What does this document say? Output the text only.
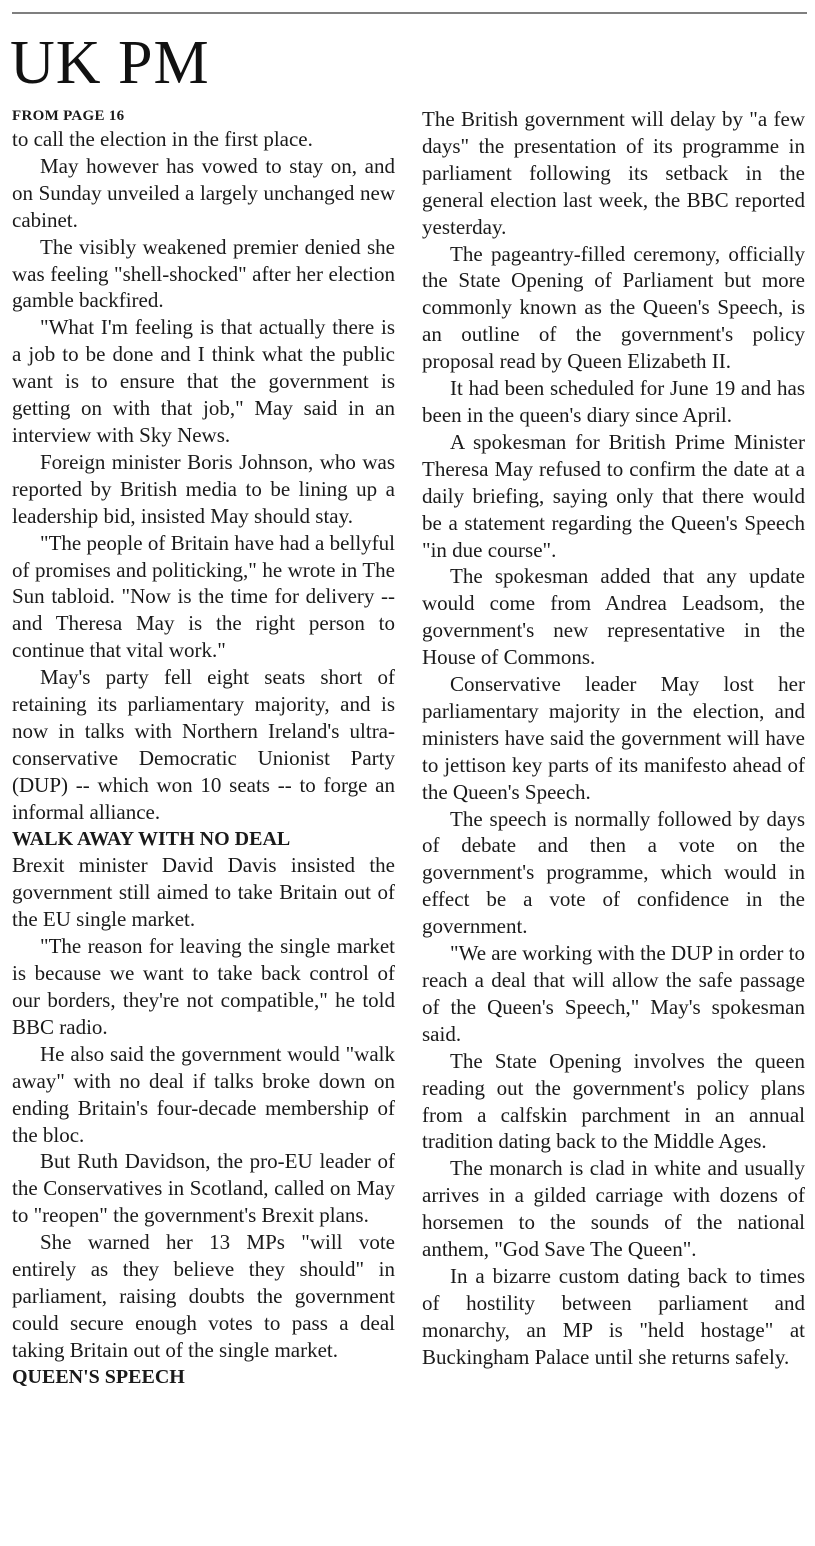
UK PM
FROM PAGE 16

to call the election in the first place.

May however has vowed to stay on, and on Sunday unveiled a largely unchanged new cabinet.

The visibly weakened premier denied she was feeling "shell-shocked" after her election gamble backfired.

"What I'm feeling is that actually there is a job to be done and I think what the public want is to ensure that the government is getting on with that job," May said in an interview with Sky News.

Foreign minister Boris Johnson, who was reported by British media to be lining up a leadership bid, insisted May should stay.

"The people of Britain have had a bellyful of promises and politicking," he wrote in The Sun tabloid. "Now is the time for delivery -- and Theresa May is the right person to continue that vital work."

May's party fell eight seats short of retaining its parliamentary majority, and is now in talks with Northern Ireland's ultra-conservative Democratic Unionist Party (DUP) -- which won 10 seats -- to forge an informal alliance.

WALK AWAY WITH NO DEAL

Brexit minister David Davis insisted the government still aimed to take Britain out of the EU single market.

"The reason for leaving the single market is because we want to take back control of our borders, they're not compatible," he told BBC radio.

He also said the government would "walk away" with no deal if talks broke down on ending Britain's four-decade membership of the bloc.

But Ruth Davidson, the pro-EU leader of the Conservatives in Scotland, called on May to "reopen" the government's Brexit plans.

She warned her 13 MPs "will vote entirely as they believe they should" in parliament, raising doubts the government could secure enough votes to pass a deal taking Britain out of the single market.

QUEEN'S SPEECH

The British government will delay by "a few days" the presentation of its programme in parliament following its setback in the general election last week, the BBC reported yesterday.

The pageantry-filled ceremony, officially the State Opening of Parliament but more commonly known as the Queen's Speech, is an outline of the government's policy proposal read by Queen Elizabeth II.

It had been scheduled for June 19 and has been in the queen's diary since April.

A spokesman for British Prime Minister Theresa May refused to confirm the date at a daily briefing, saying only that there would be a statement regarding the Queen's Speech "in due course".

The spokesman added that any update would come from Andrea Leadsom, the government's new representative in the House of Commons.

Conservative leader May lost her parliamentary majority in the election, and ministers have said the government will have to jettison key parts of its manifesto ahead of the Queen's Speech.

The speech is normally followed by days of debate and then a vote on the government's programme, which would in effect be a vote of confidence in the government.

"We are working with the DUP in order to reach a deal that will allow the safe passage of the Queen's Speech," May's spokesman said.

The State Opening involves the queen reading out the government's policy plans from a calfskin parchment in an annual tradition dating back to the Middle Ages.

The monarch is clad in white and usually arrives in a gilded carriage with dozens of horsemen to the sounds of the national anthem, "God Save The Queen".

In a bizarre custom dating back to times of hostility between parliament and monarchy, an MP is "held hostage" at Buckingham Palace until she returns safely.
